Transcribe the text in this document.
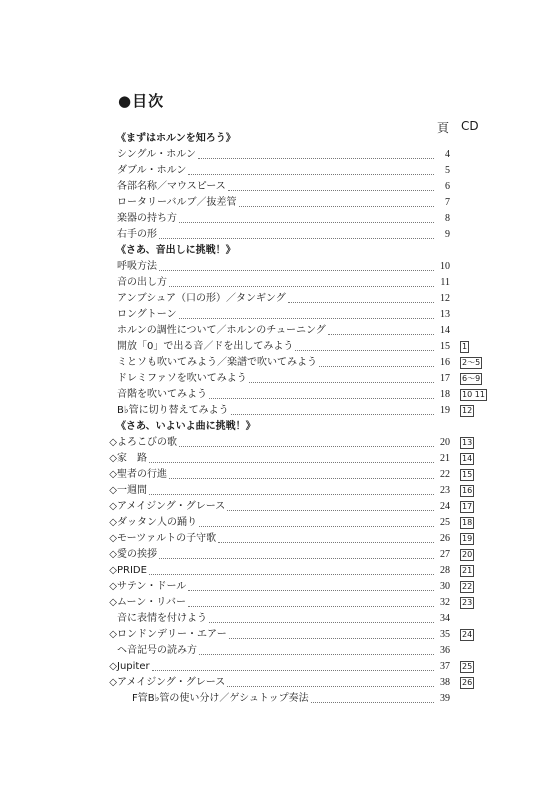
●目次
頁 CD
《まずはホルンを知ろう》
シングル・ホルン	4
ダブル・ホルン	5
各部名称／マウスピース	6
ロータリーバルブ／抜差管	7
楽器の持ち方	8
右手の形	9
《さあ、音出しに挑戦！》
呼吸方法	10
音の出し方	11
アンブシュア（口の形）／タンギング	12
ロングトーン	13
ホルンの調性について／ホルンのチューニング	14
開放「0」で出る音／ドを出してみよう	15	1
ミとソも吹いてみよう／楽譜で吹いてみよう	16	2～5
ドレミファソを吹いてみよう	17	6～9
音階を吹いてみよう	18	10 11
B♭管に切り替えてみよう	19	12
《さあ、いよいよ曲に挑戦！》
◇ よろこびの歌	20	13
◇ 家　路	21	14
◇ 聖者の行進	22	15
◇ 一週間	23	16
◇ アメイジング・グレース	24	17
◇ ダッタン人の踊り	25	18
◇ モーツァルトの子守歌	26	19
◇ 愛の挨拶	27	20
◇ PRIDE	28	21
◇ サテン・ドール	30	22
◇ ムーン・リバー	32	23
音に表情を付けよう	34
◇ ロンドンデリー・エアー	35	24
ヘ音記号の読み方	36
◇ Jupiter	37	25
◇ アメイジング・グレース	38	26
F管B♭管の使い分け／ゲシュトップ奏法	39
